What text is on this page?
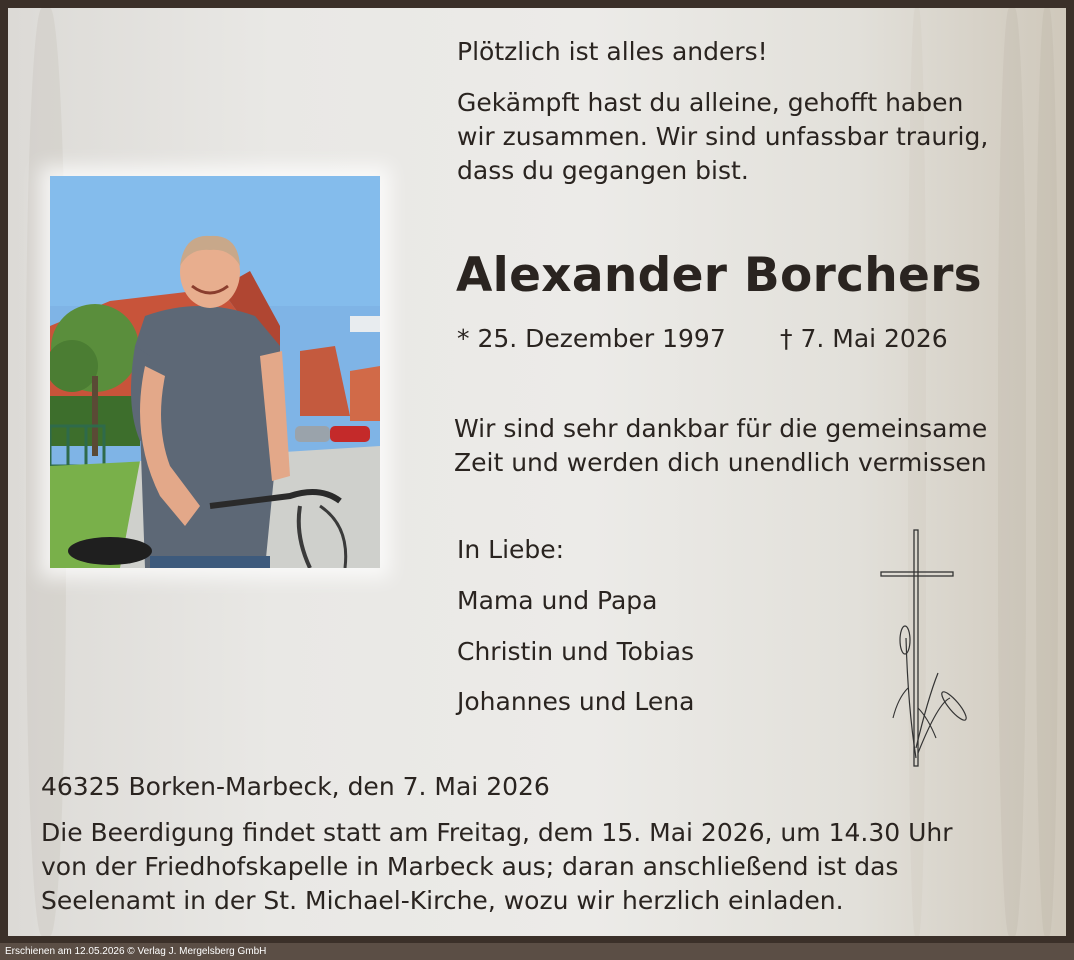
Plötzlich ist alles anders!
Gekämpft hast du alleine, gehofft haben
wir zusammen. Wir sind unfassbar traurig,
dass du gegangen bist.
Alexander Borchers
* 25. Dezember 1997 † 7. Mai 2026
Wir sind sehr dankbar für die gemeinsame
Zeit und werden dich unendlich vermissen
In Liebe:
Mama und Papa
Christin und Tobias
Johannes und Lena
46325 Borken-Marbeck, den 7. Mai 2026
Die Beerdigung findet statt am Freitag, dem 15. Mai 2026, um 14.30 Uhr
von der Friedhofskapelle in Marbeck aus; daran anschließend ist das
Seelenamt in der St. Michael-Kirche, wozu wir herzlich einladen.
Erschienen am 12.05.2026 © Verlag J. Mergelsberg GmbH
